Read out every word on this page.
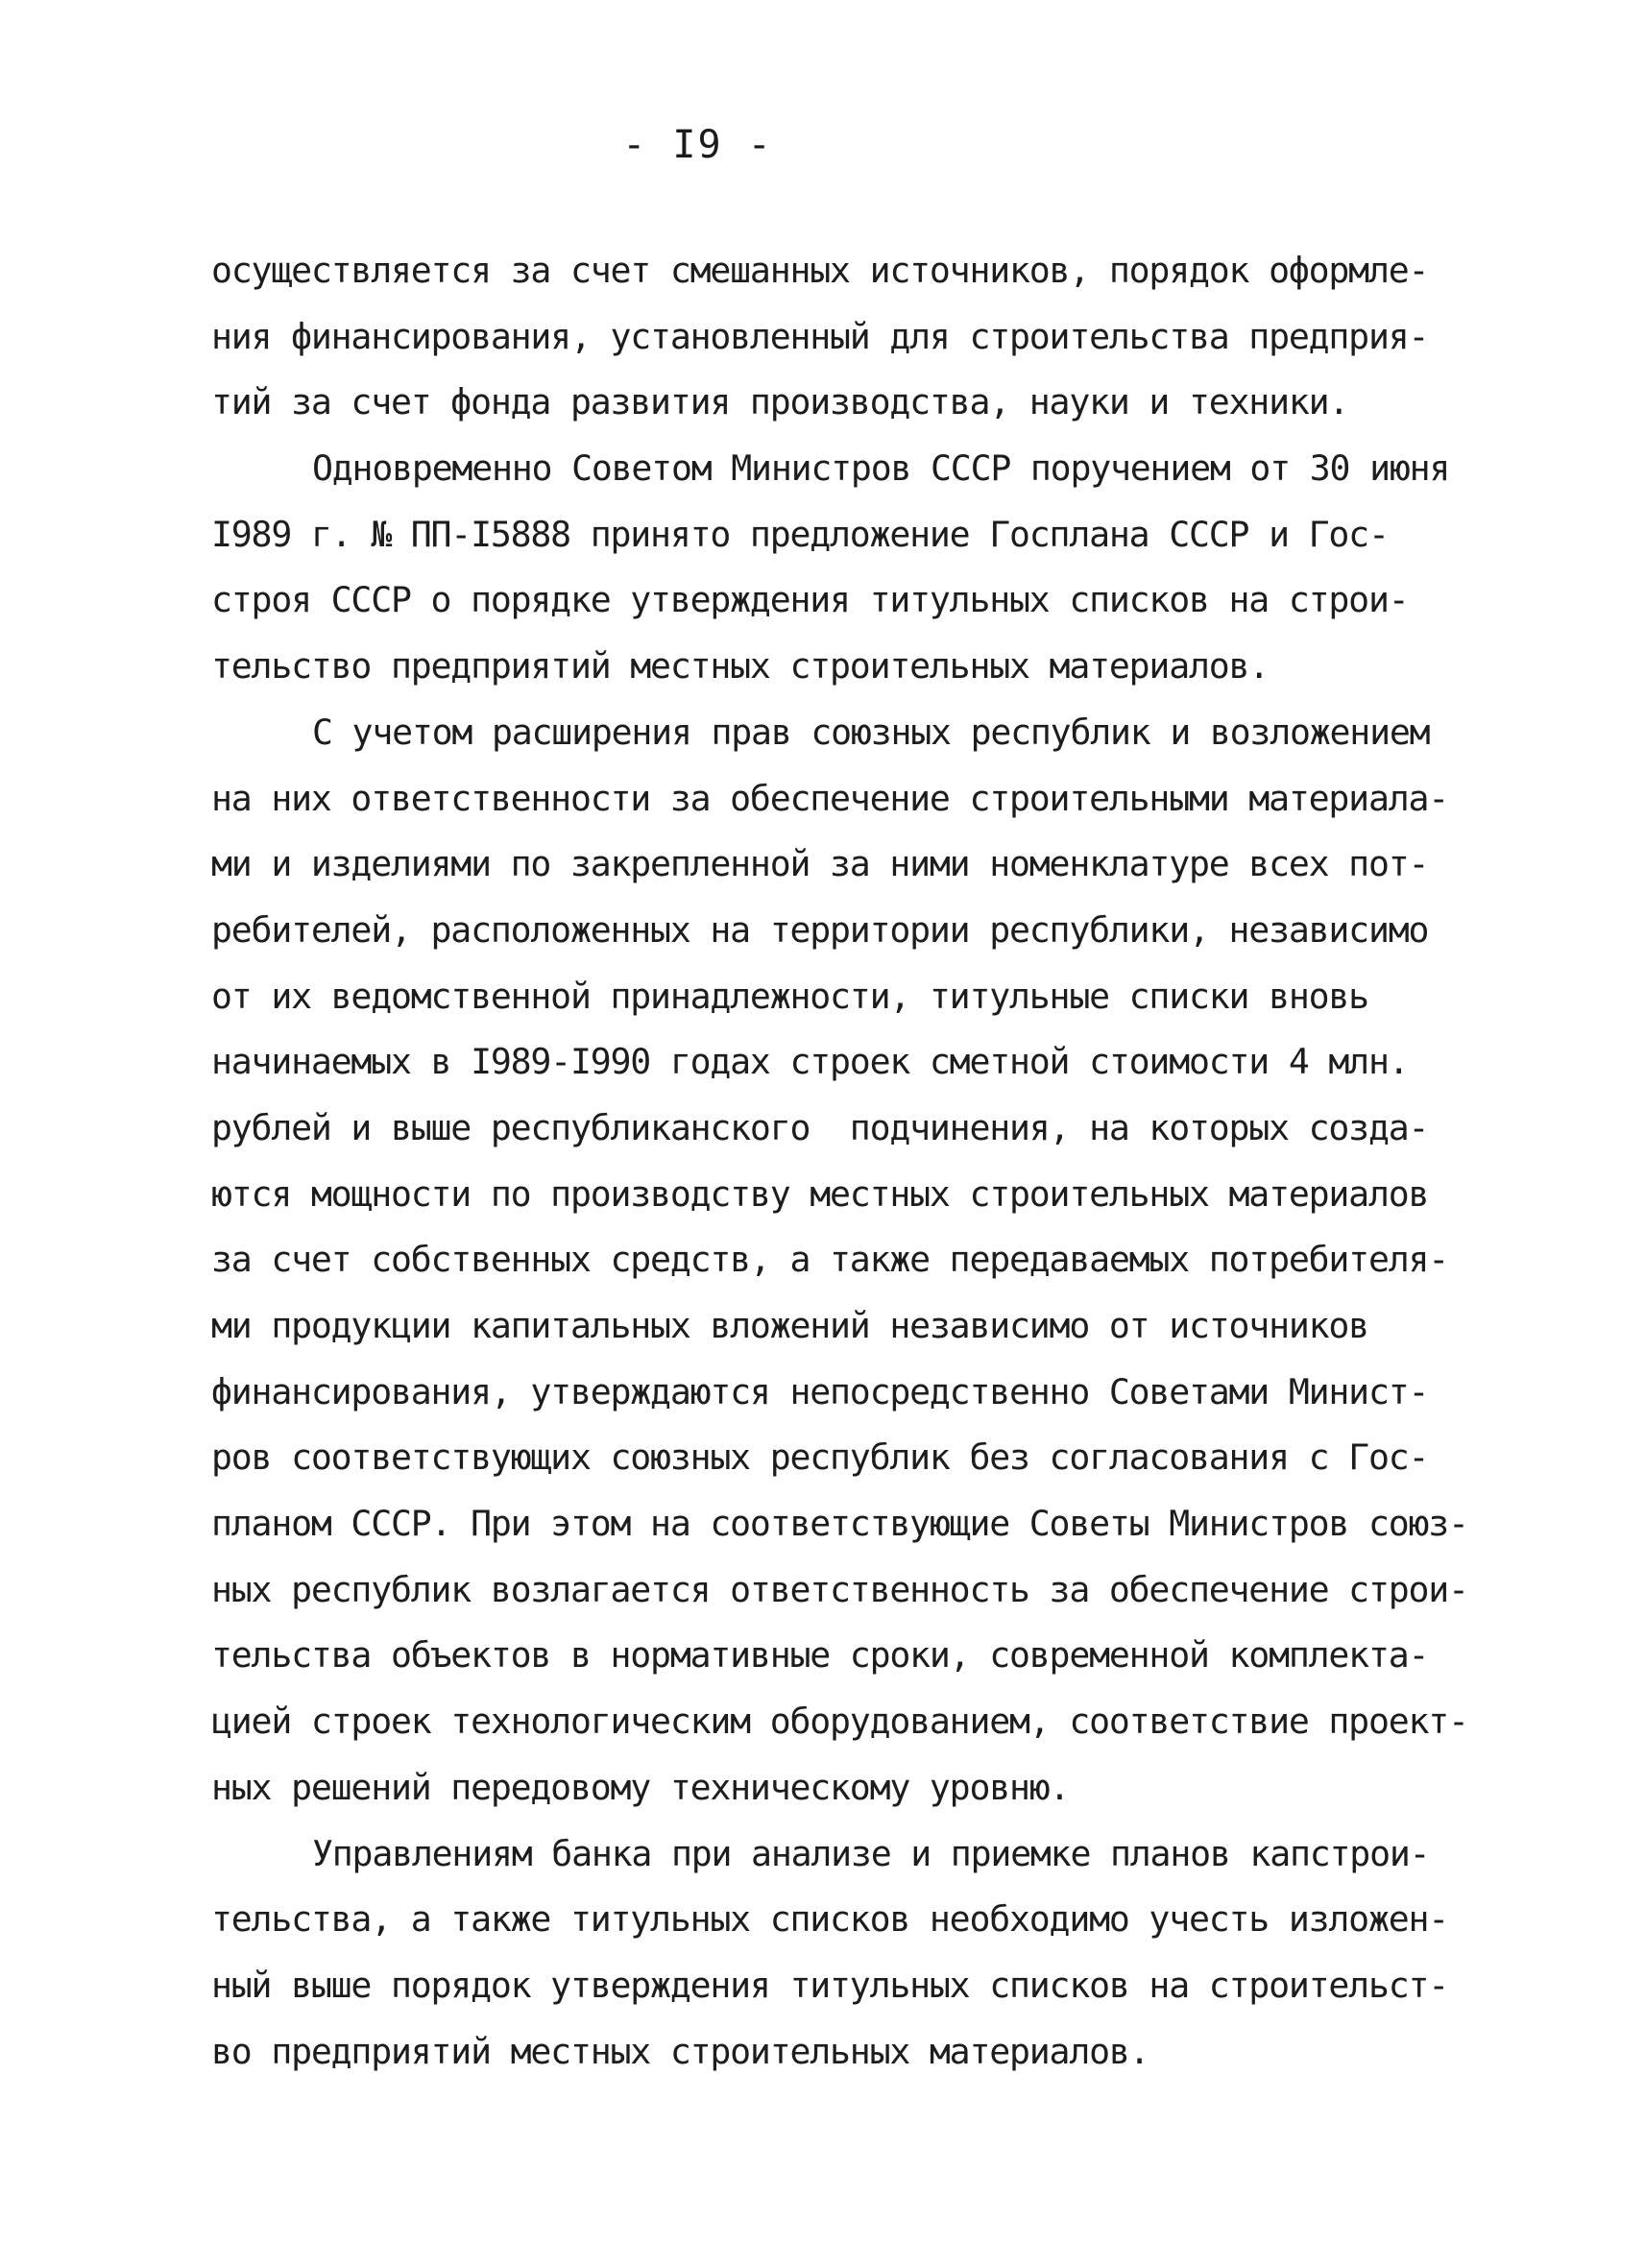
- I9 -
осуществляется за счет смешанных источников, порядок оформле-
ния финансирования, установленный для строительства предприя-
тий за счет фонда развития производства, науки и техники.
Одновременно Советом Министров СССР поручением от 30 июня
I989 г. № ПП-I5888 принято предложение Госплана СССР и Гос-
строя СССР о порядке утверждения титульных списков на строи-
тельство предприятий местных строительных материалов.
С учетом расширения прав союзных республик и возложением
на них ответственности за обеспечение строительными материала-
ми и изделиями по закрепленной за ними номенклатуре всех пот-
ребителей, расположенных на территории республики, независимо
от их ведомственной принадлежности, титульные списки вновь
начинаемых в I989-I990 годах строек сметной стоимости 4 млн.
рублей и выше республиканского  подчинения, на которых созда-
ются мощности по производству местных строительных материалов
за счет собственных средств, а также передаваемых потребителя-
ми продукции капитальных вложений независимо от источников
финансирования, утверждаются непосредственно Советами Минист-
ров соответствующих союзных республик без согласования с Гос-
планом СССР. При этом на соответствующие Советы Министров союз-
ных республик возлагается ответственность за обеспечение строи-
тельства объектов в нормативные сроки, современной комплекта-
цией строек технологическим оборудованием, соответствие проект-
ных решений передовому техническому уровню.
Управлениям банка при анализе и приемке планов капстрои-
тельства, а также титульных списков необходимо учесть изложен-
ный выше порядок утверждения титульных списков на строительст-
во предприятий местных строительных материалов.
